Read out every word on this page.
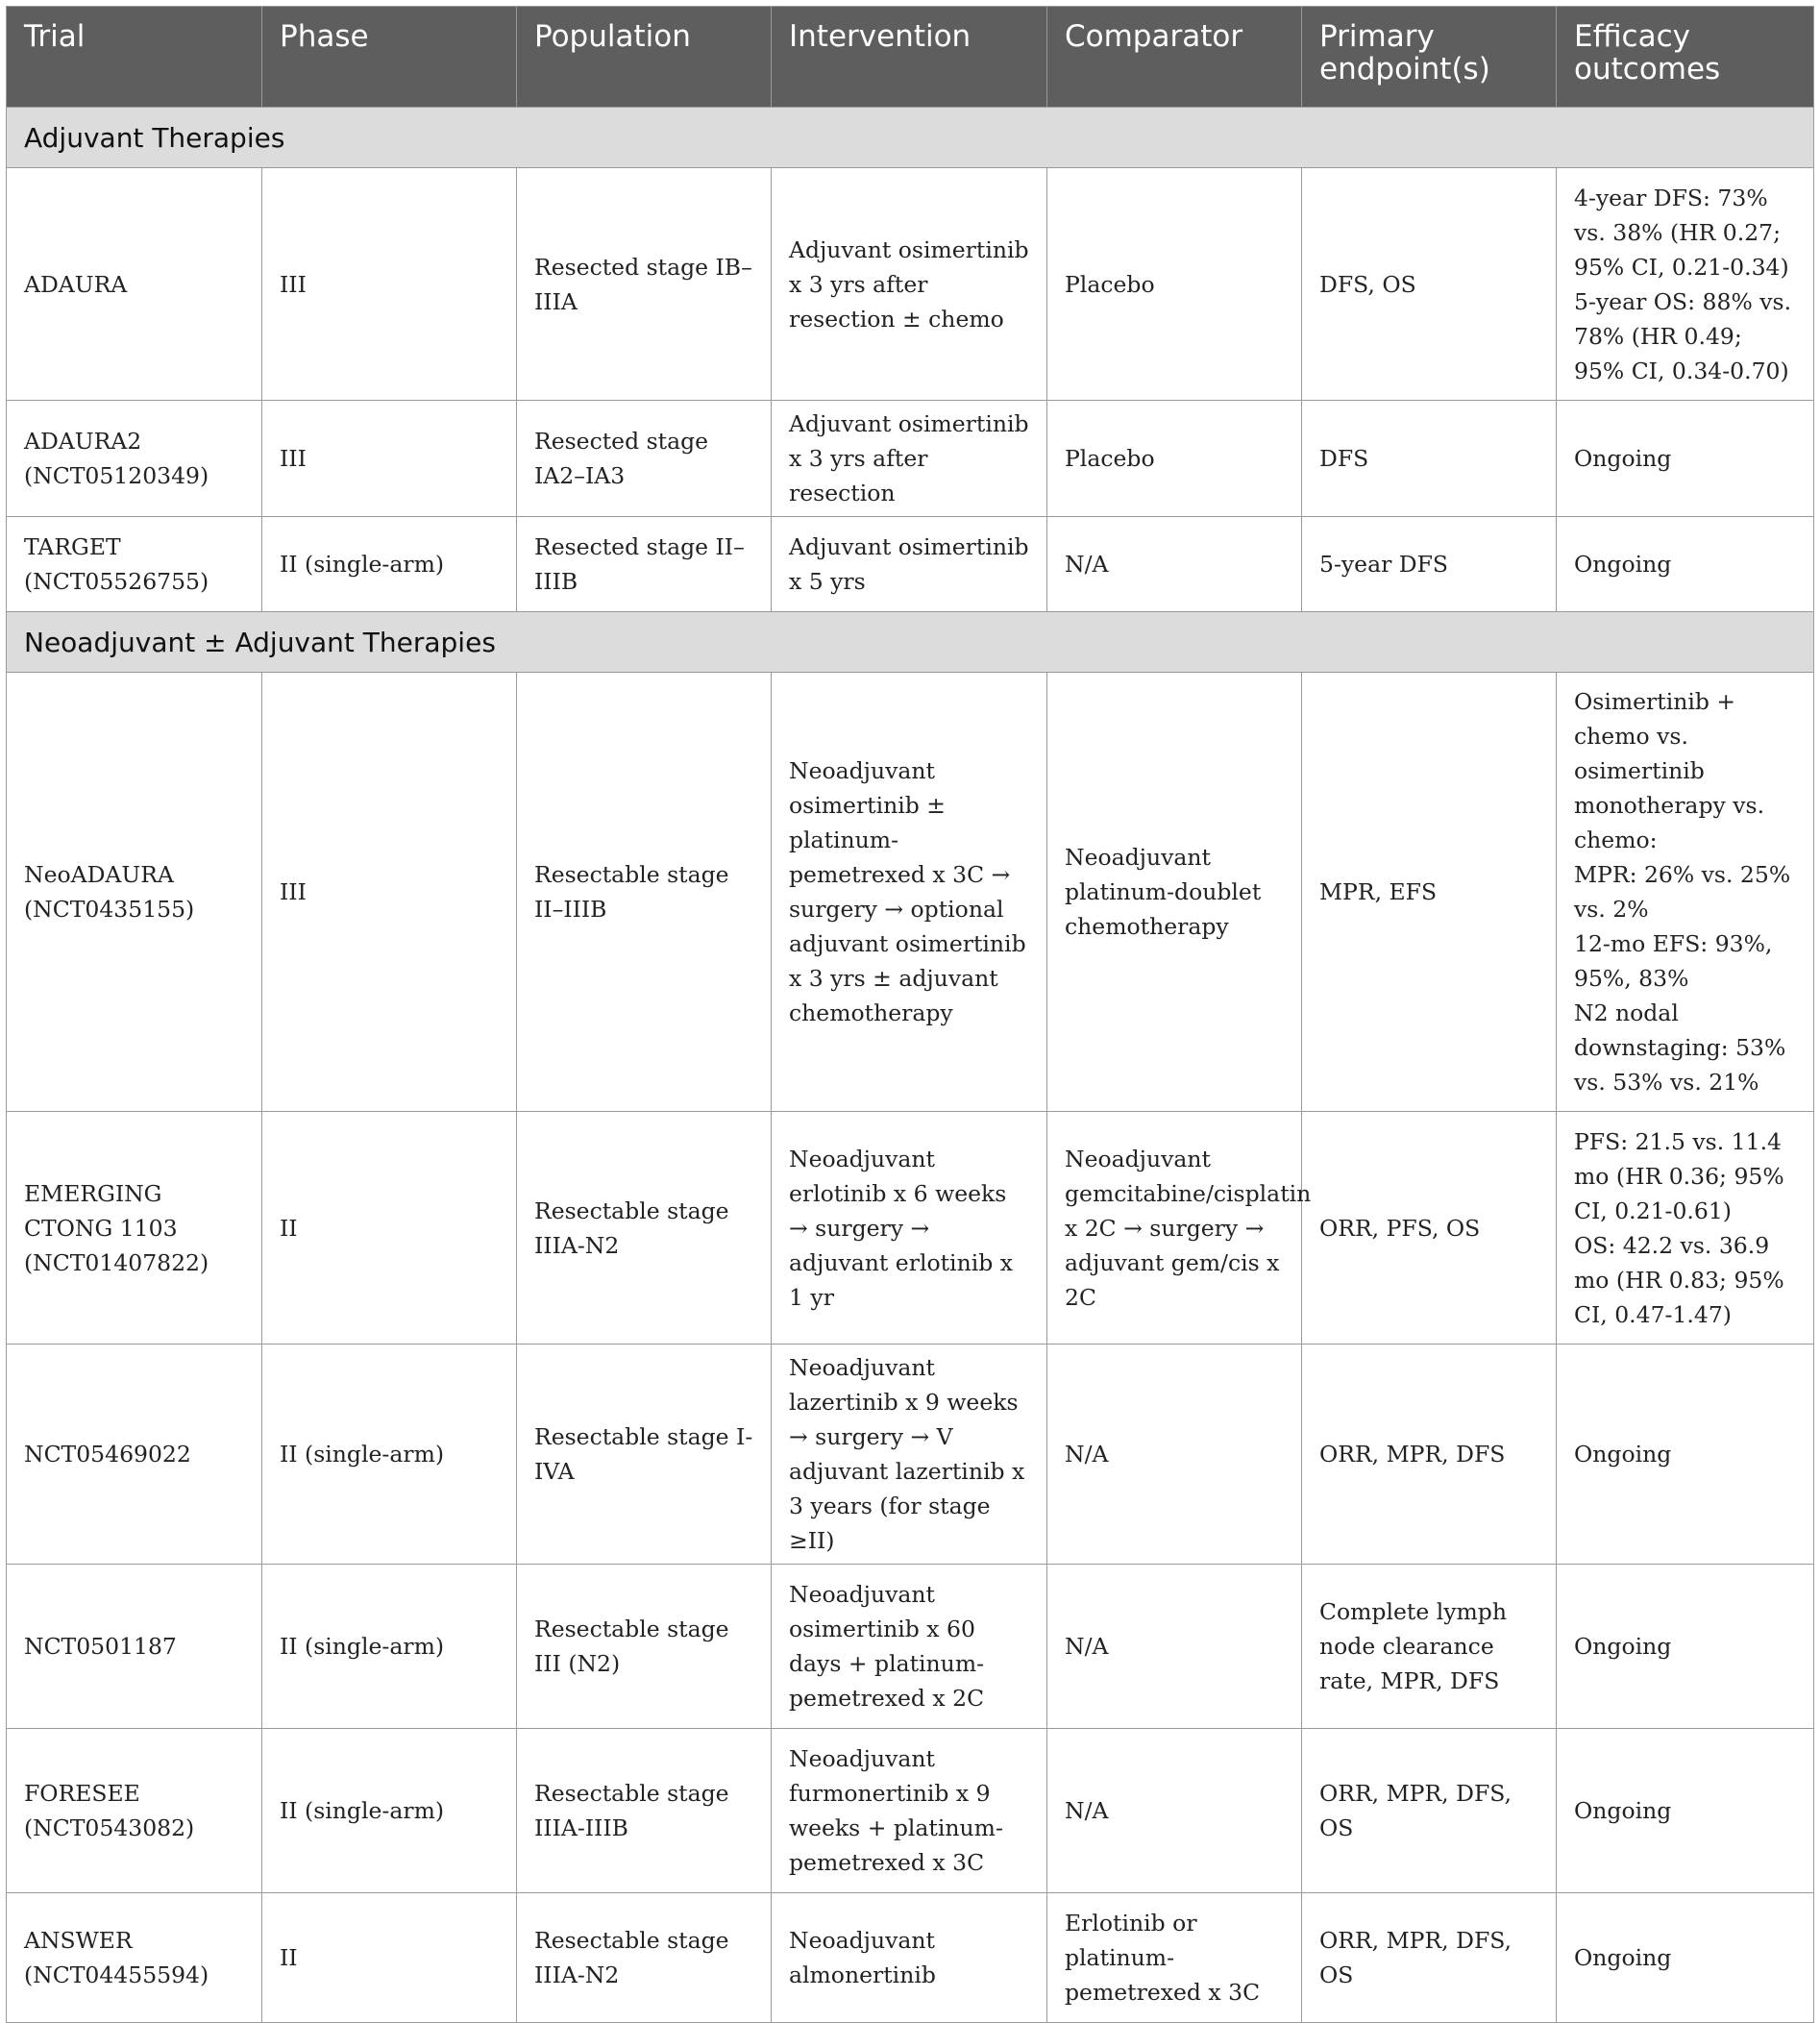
Trial	Phase	Population	Intervention	Comparator	Primary endpoint(s)	Efficacy outcomes
Adjuvant Therapies						
ADAURA	III	Resected stage IB–IIIA	Adjuvant osimertinib x 3 yrs after resection ± chemo	Placebo	DFS, OS	4-year DFS: 73% vs. 38% (HR 0.27; 95% CI, 0.21-0.34)
5-year OS: 88% vs. 78% (HR 0.49; 95% CI, 0.34-0.70)
ADAURA2 (NCT05120349)	III	Resected stage IA2–IA3	Adjuvant osimertinib x 3 yrs after resection	Placebo	DFS	Ongoing
TARGET (NCT05526755)	II (single-arm)	Resected stage II–IIIB	Adjuvant osimertinib x 5 yrs	N/A	5-year DFS	Ongoing
Neoadjuvant ± Adjuvant Therapies						
NeoADAURA (NCT0435155)	III	Resectable stage II–IIIB	Neoadjuvant osimertinib ± platinum-pemetrexed x 3C → surgery → optional adjuvant osimertinib x 3 yrs ± adjuvant chemotherapy	Neoadjuvant platinum-doublet chemotherapy	MPR, EFS	Osimertinib + chemo vs. osimertinib monotherapy vs. chemo:
MPR: 26% vs. 25% vs. 2%
12-mo EFS: 93%, 95%, 83%
N2 nodal downstaging: 53% vs. 53% vs. 21%
EMERGING CTONG 1103 (NCT01407822)	II	Resectable stage IIIA-N2	Neoadjuvant erlotinib x 6 weeks → surgery → adjuvant erlotinib x 1 yr	Neoadjuvant gemcitabine/cisplatin x 2C → surgery → adjuvant gem/cis x 2C	ORR, PFS, OS	PFS: 21.5 vs. 11.4 mo (HR 0.36; 95% CI, 0.21-0.61)
OS: 42.2 vs. 36.9 mo (HR 0.83; 95% CI, 0.47-1.47)
NCT05469022	II (single-arm)	Resectable stage I-IVA	Neoadjuvant lazertinib x 9 weeks → surgery → V adjuvant lazertinib x 3 years (for stage ≥II)	N/A	ORR, MPR, DFS	Ongoing
NCT0501187	II (single-arm)	Resectable stage III (N2)	Neoadjuvant osimertinib x 60 days + platinum-pemetrexed x 2C	N/A	Complete lymph node clearance rate, MPR, DFS	Ongoing
FORESEE (NCT0543082)	II (single-arm)	Resectable stage IIIA-IIIB	Neoadjuvant furmonertinib x 9 weeks + platinum-pemetrexed x 3C	N/A	ORR, MPR, DFS, OS	Ongoing
ANSWER (NCT04455594)	II	Resectable stage IIIA-N2	Neoadjuvant almonertinib	Erlotinib or platinum-pemetrexed x 3C	ORR, MPR, DFS, OS	Ongoing
